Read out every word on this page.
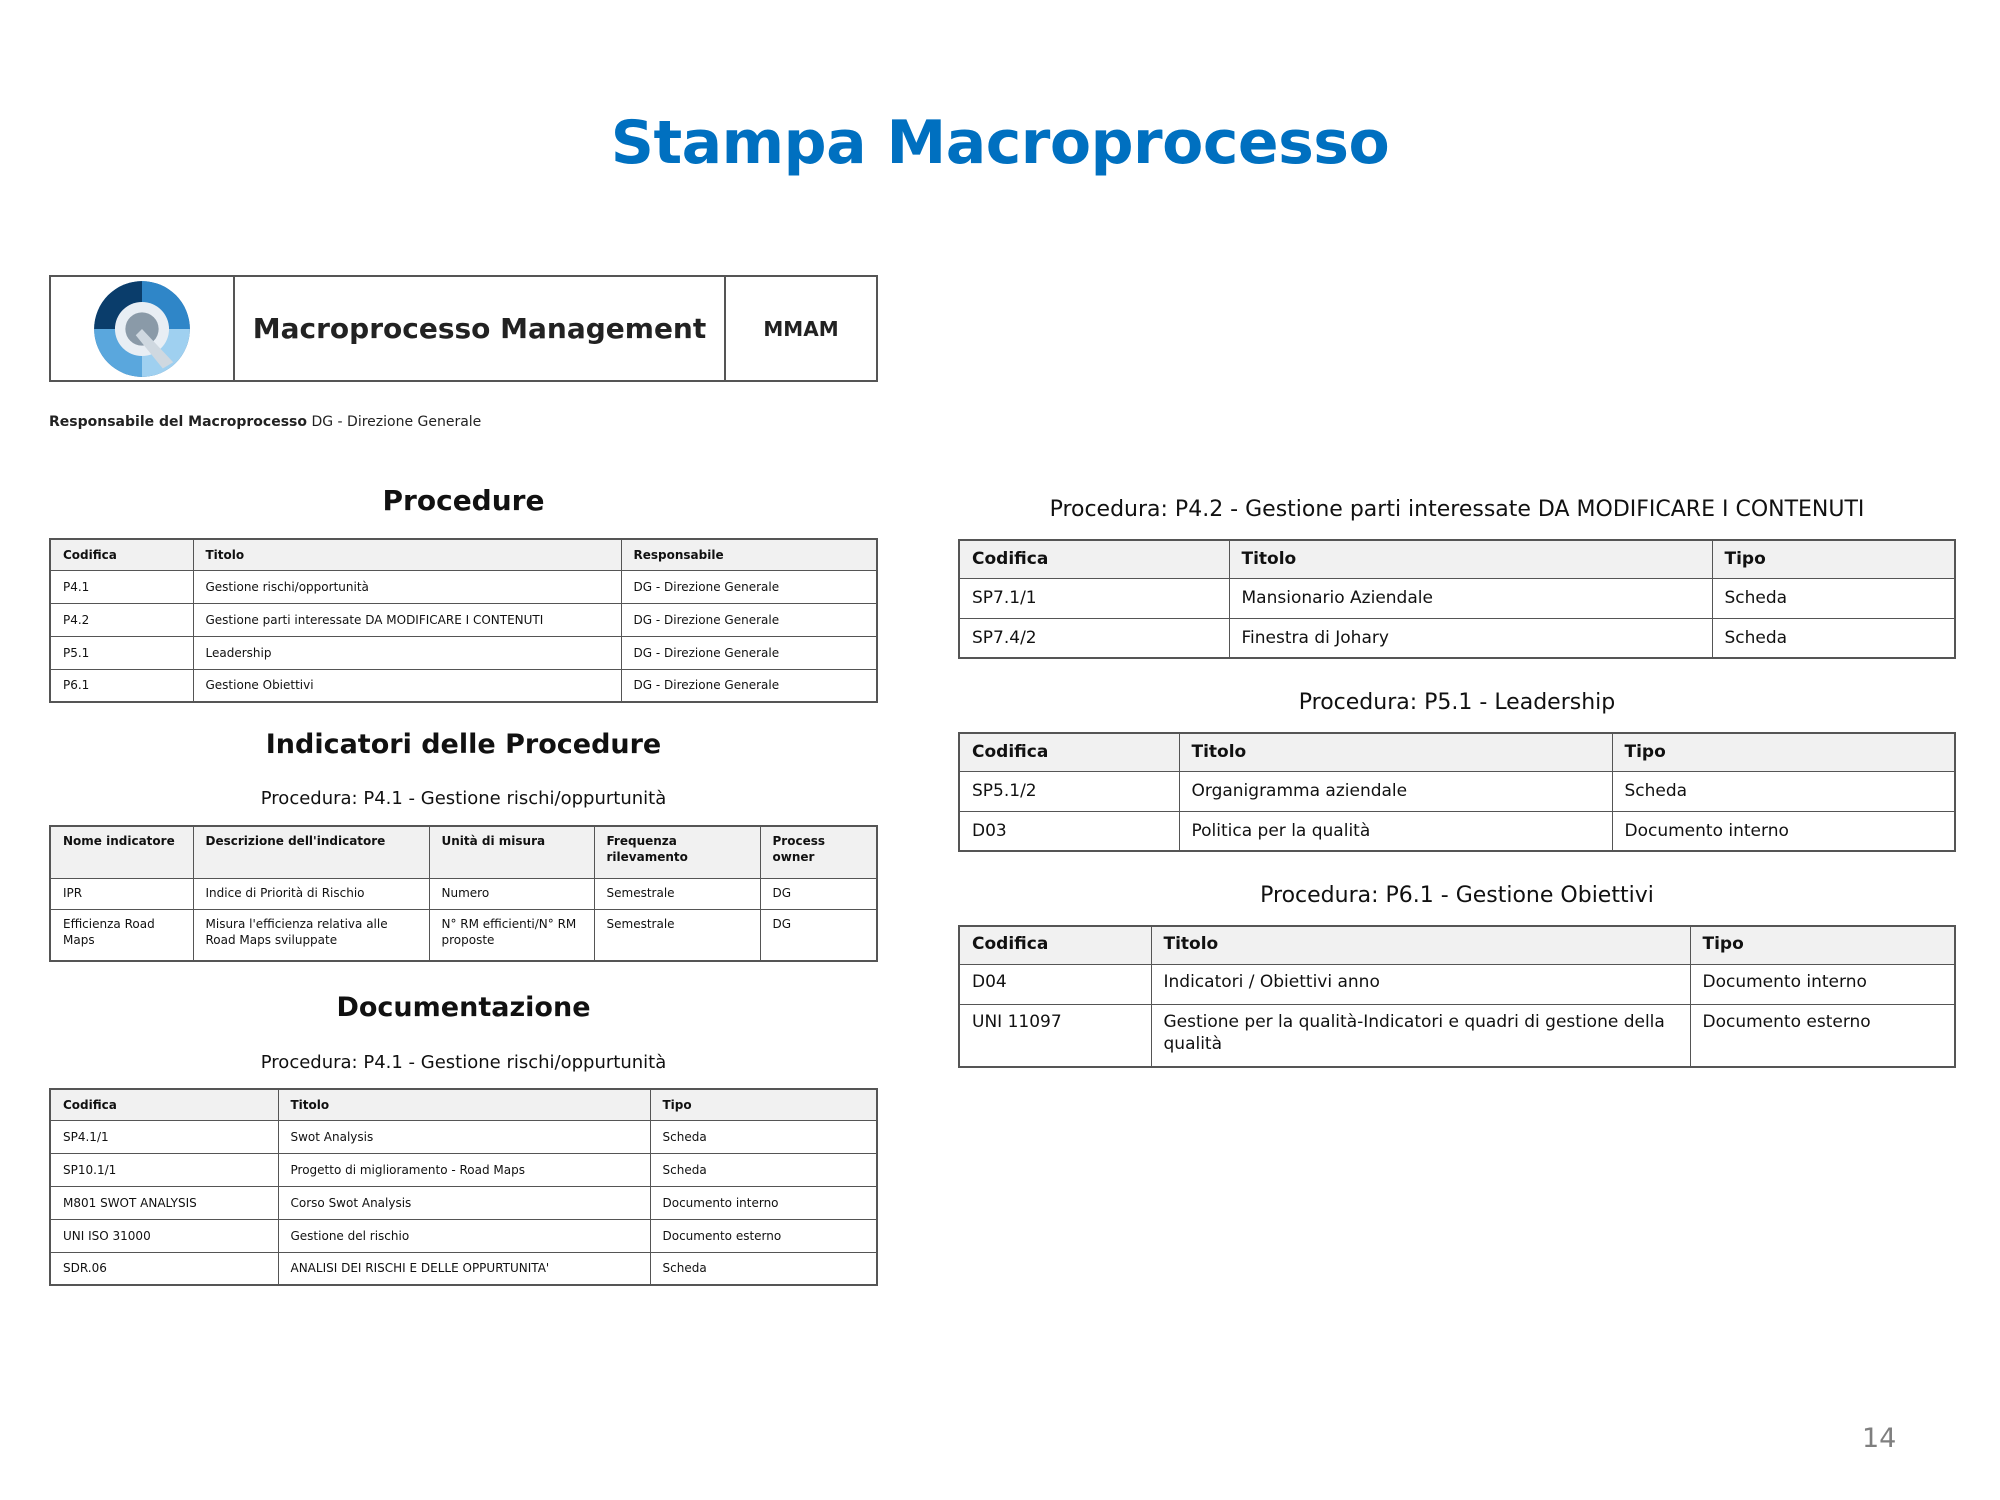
Stampa Macroprocesso
Macroprocesso Management	MMAM
Responsabile del Macroprocesso DG - Direzione Generale
Procedure
Codifica	Titolo	Responsabile
P4.1	Gestione rischi/opportunità	DG - Direzione Generale
P4.2	Gestione parti interessate DA MODIFICARE I CONTENUTI	DG - Direzione Generale
P5.1	Leadership	DG - Direzione Generale
P6.1	Gestione Obiettivi	DG - Direzione Generale
Indicatori delle Procedure
Procedura: P4.1 - Gestione rischi/oppurtunità
Nome indicatore	Descrizione dell'indicatore	Unità di misura	Frequenza rilevamento	Process owner
IPR	Indice di Priorità di Rischio	Numero	Semestrale	DG
Efficienza Road Maps	Misura l'efficienza relativa alle Road Maps sviluppate	N° RM efficienti/N° RM proposte	Semestrale	DG
Documentazione
Procedura: P4.1 - Gestione rischi/oppurtunità
Codifica	Titolo	Tipo
SP4.1/1	Swot Analysis	Scheda
SP10.1/1	Progetto di miglioramento - Road Maps	Scheda
M801 SWOT ANALYSIS	Corso Swot Analysis	Documento interno
UNI ISO 31000	Gestione del rischio	Documento esterno
SDR.06	ANALISI DEI RISCHI E DELLE OPPURTUNITA'	Scheda
Procedura: P4.2 - Gestione parti interessate DA MODIFICARE I CONTENUTI
Codifica	Titolo	Tipo
SP7.1/1	Mansionario Aziendale	Scheda
SP7.4/2	Finestra di Johary	Scheda
Procedura: P5.1 - Leadership
Codifica	Titolo	Tipo
SP5.1/2	Organigramma aziendale	Scheda
D03	Politica per la qualità	Documento interno
Procedura: P6.1 - Gestione Obiettivi
Codifica	Titolo	Tipo
D04	Indicatori / Obiettivi anno	Documento interno
UNI 11097	Gestione per la qualità-Indicatori e quadri di gestione della qualità	Documento esterno
14
